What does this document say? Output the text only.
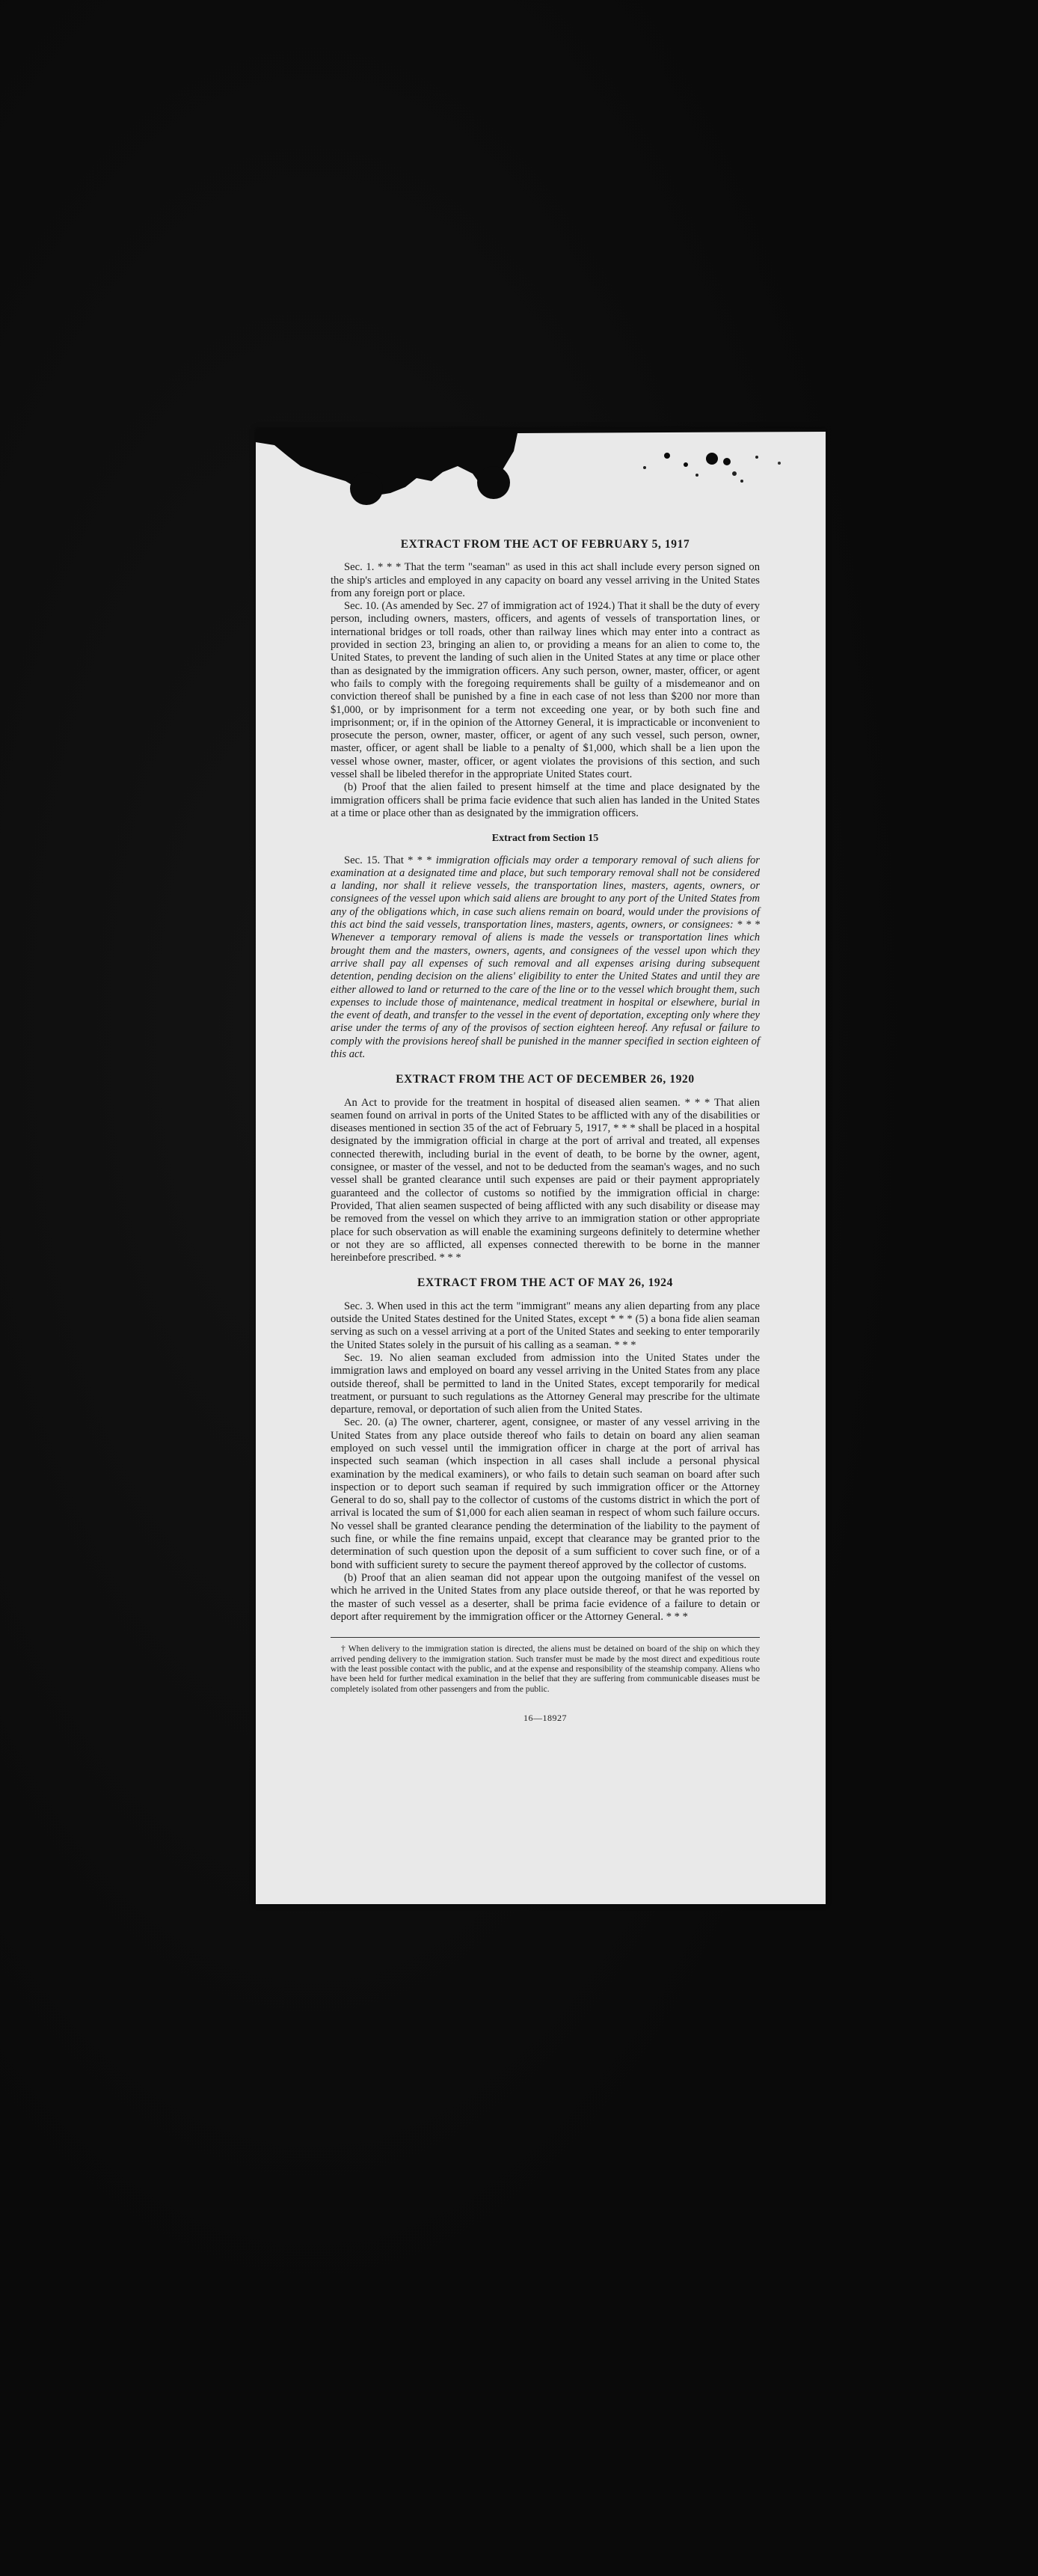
EXTRACT FROM THE ACT OF FEBRUARY 5, 1917

Sec. 1. * * * That the term "seaman" as used in this act shall include every person signed on the ship's articles and employed in any capacity on board any vessel arriving in the United States from any foreign port or place.

Sec. 10. (As amended by Sec. 27 of immigration act of 1924.) That it shall be the duty of every person, including owners, masters, officers, and agents of vessels of transportation lines, or international bridges or toll roads, other than railway lines which may enter into a contract as provided in section 23, bringing an alien to, or providing a means for an alien to come to, the United States, to prevent the landing of such alien in the United States at any time or place other than as designated by the immigration officers. Any such person, owner, master, officer, or agent who fails to comply with the foregoing requirements shall be guilty of a misdemeanor and on conviction thereof shall be punished by a fine in each case of not less than $200 nor more than $1,000, or by imprisonment for a term not exceeding one year, or by both such fine and imprisonment; or, if in the opinion of the Attorney General, it is impracticable or inconvenient to prosecute the person, owner, master, officer, or agent of any such vessel, such person, owner, master, officer, or agent shall be liable to a penalty of $1,000, which shall be a lien upon the vessel whose owner, master, officer, or agent violates the provisions of this section, and such vessel shall be libeled therefor in the appropriate United States court.

(b) Proof that the alien failed to present himself at the time and place designated by the immigration officers shall be prima facie evidence that such alien has landed in the United States at a time or place other than as designated by the immigration officers.

Extract from Section 15

Sec. 15. That * * * immigration officials may order a temporary removal of such aliens for examination at a designated time and place, but such temporary removal shall not be considered a landing, nor shall it relieve vessels, the transportation lines, masters, agents, owners, or consignees of the vessel upon which said aliens are brought to any port of the United States from any of the obligations which, in case such aliens remain on board, would under the provisions of this act bind the said vessels, transportation lines, masters, agents, owners, or consignees: * * * Whenever a temporary removal of aliens is made the vessels or transportation lines which brought them and the masters, owners, agents, and consignees of the vessel upon which they arrive shall pay all expenses of such removal and all expenses arising during subsequent detention, pending decision on the aliens' eligibility to enter the United States and until they are either allowed to land or returned to the care of the line or to the vessel which brought them, such expenses to include those of maintenance, medical treatment in hospital or elsewhere, burial in the event of death, and transfer to the vessel in the event of deportation, excepting only where they arise under the terms of any of the provisos of section eighteen hereof. Any refusal or failure to comply with the provisions hereof shall be punished in the manner specified in section eighteen of this act.

EXTRACT FROM THE ACT OF DECEMBER 26, 1920

An Act to provide for the treatment in hospital of diseased alien seamen. * * * That alien seamen found on arrival in ports of the United States to be afflicted with any of the disabilities or diseases mentioned in section 35 of the act of February 5, 1917, * * * shall be placed in a hospital designated by the immigration official in charge at the port of arrival and treated, all expenses connected therewith, including burial in the event of death, to be borne by the owner, agent, consignee, or master of the vessel, and not to be deducted from the seaman's wages, and no such vessel shall be granted clearance until such expenses are paid or their payment appropriately guaranteed and the collector of customs so notified by the immigration official in charge: Provided, That alien seamen suspected of being afflicted with any such disability or disease may be removed from the vessel on which they arrive to an immigration station or other appropriate place for such observation as will enable the examining surgeons definitely to determine whether or not they are so afflicted, all expenses connected therewith to be borne in the manner hereinbefore prescribed. * * *

EXTRACT FROM THE ACT OF MAY 26, 1924

Sec. 3. When used in this act the term "immigrant" means any alien departing from any place outside the United States destined for the United States, except * * * (5) a bona fide alien seaman serving as such on a vessel arriving at a port of the United States and seeking to enter temporarily the United States solely in the pursuit of his calling as a seaman. * * *

Sec. 19. No alien seaman excluded from admission into the United States under the immigration laws and employed on board any vessel arriving in the United States from any place outside thereof, shall be permitted to land in the United States, except temporarily for medical treatment, or pursuant to such regulations as the Attorney General may prescribe for the ultimate departure, removal, or deportation of such alien from the United States.

Sec. 20. (a) The owner, charterer, agent, consignee, or master of any vessel arriving in the United States from any place outside thereof who fails to detain on board any alien seaman employed on such vessel until the immigration officer in charge at the port of arrival has inspected such seaman (which inspection in all cases shall include a personal physical examination by the medical examiners), or who fails to detain such seaman on board after such inspection or to deport such seaman if required by such immigration officer or the Attorney General to do so, shall pay to the collector of customs of the customs district in which the port of arrival is located the sum of $1,000 for each alien seaman in respect of whom such failure occurs. No vessel shall be granted clearance pending the determination of the liability to the payment of such fine, or while the fine remains unpaid, except that clearance may be granted prior to the determination of such question upon the deposit of a sum sufficient to cover such fine, or of a bond with sufficient surety to secure the payment thereof approved by the collector of customs.

(b) Proof that an alien seaman did not appear upon the outgoing manifest of the vessel on which he arrived in the United States from any place outside thereof, or that he was reported by the master of such vessel as a deserter, shall be prima facie evidence of a failure to detain or deport after requirement by the immigration officer or the Attorney General. * * *

† When delivery to the immigration station is directed, the aliens must be detained on board of the ship on which they arrived pending delivery to the immigration station. Such transfer must be made by the most direct and expeditious route with the least possible contact with the public, and at the expense and responsibility of the steamship company. Aliens who have been held for further medical examination in the belief that they are suffering from communicable diseases must be completely isolated from other passengers and from the public.

16—18927
